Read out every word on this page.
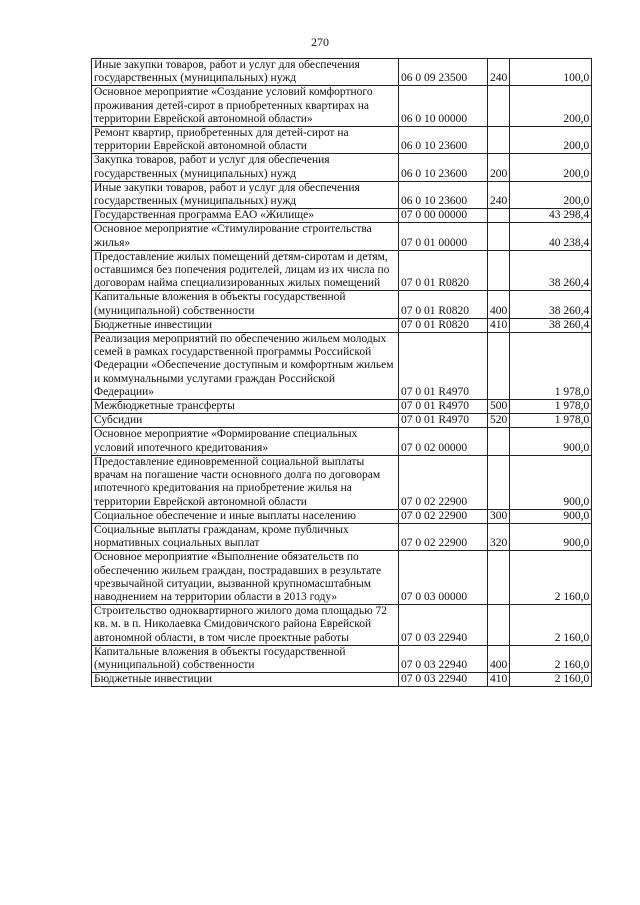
270
Иные закупки товаров, работ и услуг для обеспечения государственных (муниципальных) нужд	06 0 09 23500	240	100,0
Основное мероприятие «Создание условий комфортного проживания детей-сирот в приобретенных квартирах на территории Еврейской автономной области»	06 0 10 00000		200,0
Ремонт квартир, приобретенных для детей-сирот на территории Еврейской автономной области	06 0 10 23600		200,0
Закупка товаров, работ и услуг для обеспечения государственных (муниципальных) нужд	06 0 10 23600	200	200,0
Иные закупки товаров, работ и услуг для обеспечения государственных (муниципальных) нужд	06 0 10 23600	240	200,0
Государственная программа ЕАО «Жилище»	07 0 00 00000		43 298,4
Основное мероприятие «Стимулирование строительства жилья»	07 0 01 00000		40 238,4
Предоставление жилых помещений детям-сиротам и детям, оставшимся без попечения родителей, лицам из их числа по договорам найма специализированных жилых помещений	07 0 01 R0820		38 260,4
Капитальные вложения в объекты государственной (муниципальной) собственности	07 0 01 R0820	400	38 260,4
Бюджетные инвестиции	07 0 01 R0820	410	38 260,4
Реализация мероприятий по обеспечению жильем молодых семей в рамках государственной программы Российской Федерации «Обеспечение доступным и комфортным жильем и коммунальными услугами граждан Российской Федерации»	07 0 01 R4970		1 978,0
Межбюджетные трансферты	07 0 01 R4970	500	1 978,0
Субсидии	07 0 01 R4970	520	1 978,0
Основное мероприятие «Формирование специальных условий ипотечного кредитования»	07 0 02 00000		900,0
Предоставление единовременной социальной выплаты врачам на погашение части основного долга по договорам ипотечного кредитования на приобретение жилья на территории Еврейской автономной области	07 0 02 22900		900,0
Социальное обеспечение и иные выплаты населению	07 0 02 22900	300	900,0
Социальные выплаты гражданам, кроме публичных нормативных социальных выплат	07 0 02 22900	320	900,0
Основное мероприятие «Выполнение обязательств по обеспечению жильем граждан, пострадавших в результате чрезвычайной ситуации, вызванной крупномасштабным наводнением на территории области в 2013 году»	07 0 03 00000		2 160,0
Строительство одноквартирного жилого дома площадью 72 кв. м. в п. Николаевка Смидовичского района Еврейской автономной области, в том числе проектные работы	07 0 03 22940		2 160,0
Капитальные вложения в объекты государственной (муниципальной) собственности	07 0 03 22940	400	2 160,0
Бюджетные инвестиции	07 0 03 22940	410	2 160,0
